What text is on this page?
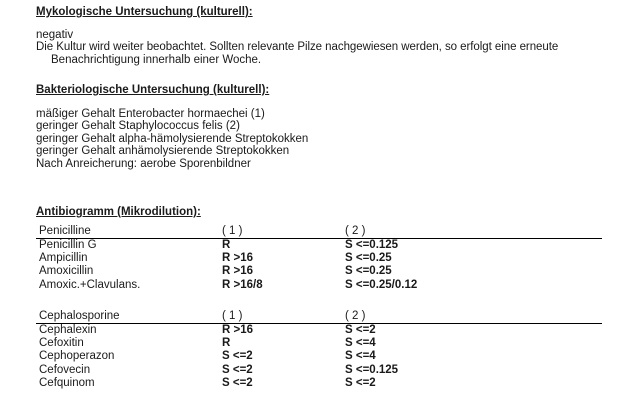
Mykologische Untersuchung (kulturell):
negativ
Die Kultur wird weiter beobachtet. Sollten relevante Pilze nachgewiesen werden, so erfolgt eine erneute
Benachrichtigung innerhalb einer Woche.
Bakteriologische Untersuchung (kulturell):
mäßiger Gehalt Enterobacter hormaechei (1)
geringer Gehalt Staphylococcus felis (2)
geringer Gehalt alpha-hämolysierende Streptokokken
geringer Gehalt anhämolysierende Streptokokken
Nach Anreicherung: aerobe Sporenbildner
Antibiogramm (Mikrodilution):
Penicilline	( 1 )	( 2 )
Penicillin G	R	S <=0.125
Ampicillin	R >16	S <=0.25
Amoxicillin	R >16	S <=0.25
Amoxic.+Clavulans.	R >16/8	S <=0.25/0.12
Cephalosporine	( 1 )	( 2 )
Cephalexin	R >16	S <=2
Cefoxitin	R	S <=4
Cephoperazon	S <=2	S <=4
Cefovecin	S <=2	S <=0.125
Cefquinom	S <=2	S <=2
